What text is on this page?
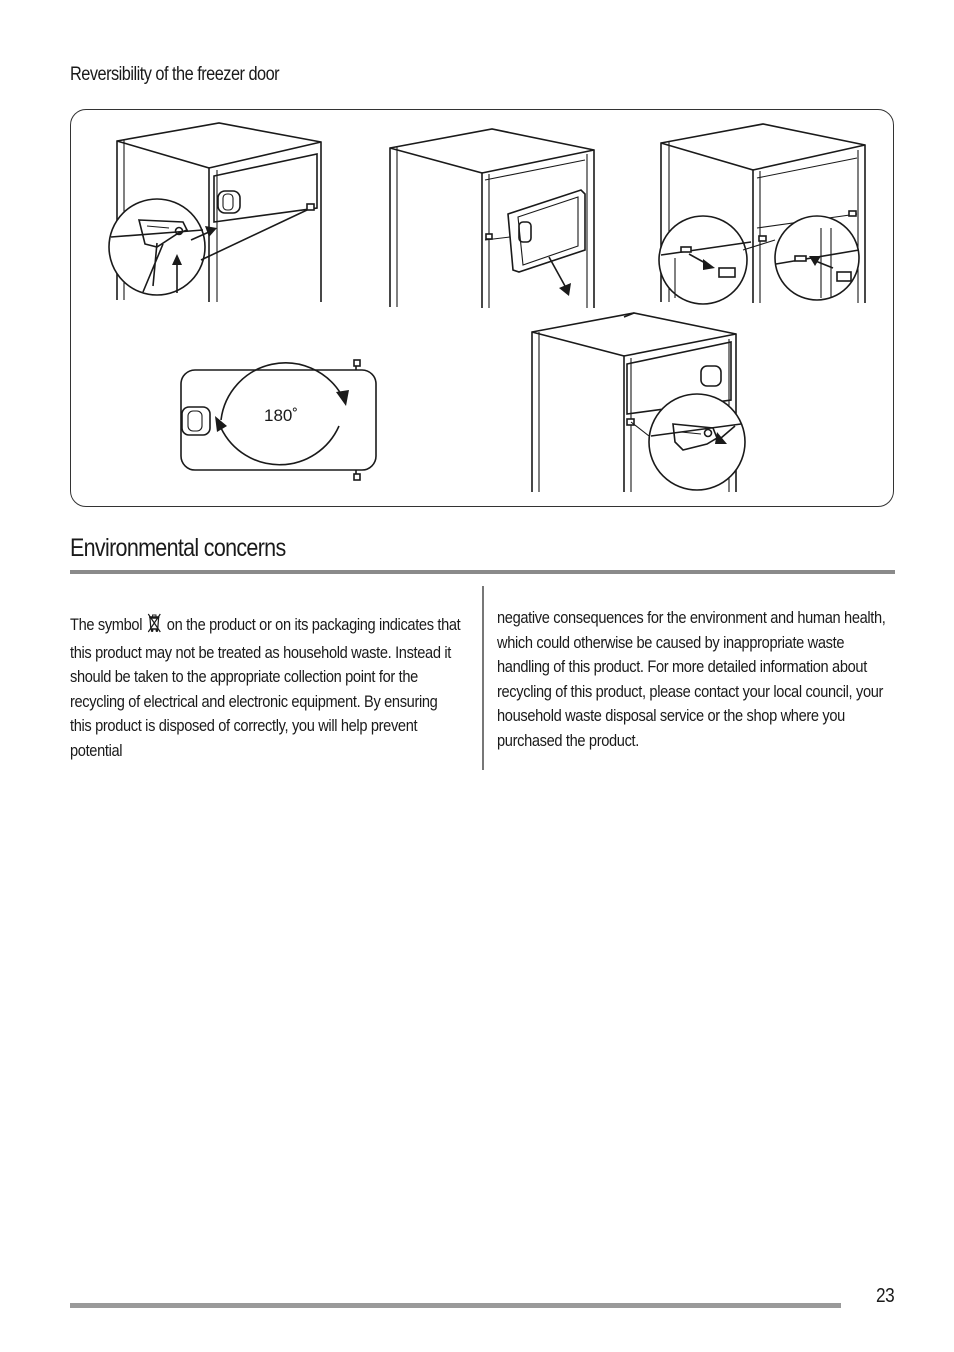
Reversibility of the freezer door
180˚
Environmental concerns
The symbol on the product or on its packaging indicates that this product may not be treated as household waste. Instead it should be taken to the appropriate collection point for the recycling of electrical and electronic equipment. By ensuring this product is disposed of correctly, you will help prevent potential
negative consequences for the environment and human health, which could otherwise be caused by inappropriate waste handling of this product. For more detailed information about recycling of this product, please contact your local council, your household waste disposal service or the shop where you purchased the product.
23
